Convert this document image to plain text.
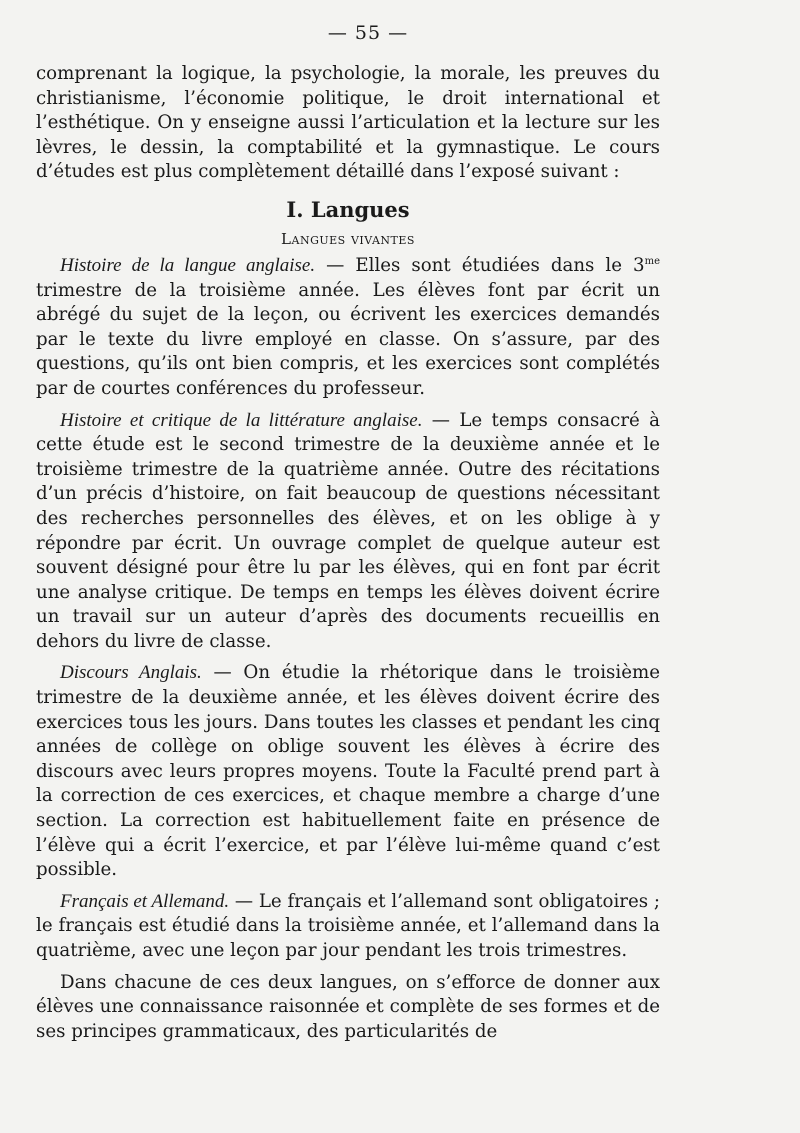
— 55 —

comprenant la logique, la psychologie, la morale, les preuves du christianisme, l’économie politique, le droit international et l’esthétique. On y enseigne aussi l’articulation et la lecture sur les lèvres, le dessin, la comptabilité et la gymnastique. Le cours d’études est plus complètement détaillé dans l’exposé suivant :

I. Langues
Langues vivantes

Histoire de la langue anglaise. — Elles sont étudiées dans le $3^{me}$ trimestre de la troisième année. Les élèves font par écrit un abrégé du sujet de la leçon, ou écrivent les exercices demandés par le texte du livre employé en classe. On s’assure, par des questions, qu’ils ont bien compris, et les exercices sont complétés par de courtes conférences du professeur.

Histoire et critique de la littérature anglaise. — Le temps consacré à cette étude est le second trimestre de la deuxième année et le troisième trimestre de la quatrième année. Outre des récitations d’un précis d’histoire, on fait beaucoup de questions nécessitant des recherches personnelles des élèves, et on les oblige à y répondre par écrit. Un ouvrage complet de quelque auteur est souvent désigné pour être lu par les élèves, qui en font par écrit une analyse critique. De temps en temps les élèves doivent écrire un travail sur un auteur d’après des documents recueillis en dehors du livre de classe.

Discours Anglais. — On étudie la rhétorique dans le troisième trimestre de la deuxième année, et les élèves doivent écrire des exercices tous les jours. Dans toutes les classes et pendant les cinq années de collège on oblige souvent les élèves à écrire des discours avec leurs propres moyens. Toute la Faculté prend part à la correction de ces exercices, et chaque membre a charge d’une section. La correction est habituellement faite en présence de l’élève qui a écrit l’exercice, et par l’élève lui-même quand c’est possible.

Français et Allemand. — Le français et l’allemand sont obligatoires ; le français est étudié dans la troisième année, et l’allemand dans la quatrième, avec une leçon par jour pendant les trois trimestres.

Dans chacune de ces deux langues, on s’efforce de donner aux élèves une connaissance raisonnée et complète de ses formes et de ses principes grammaticaux, des particularités de
